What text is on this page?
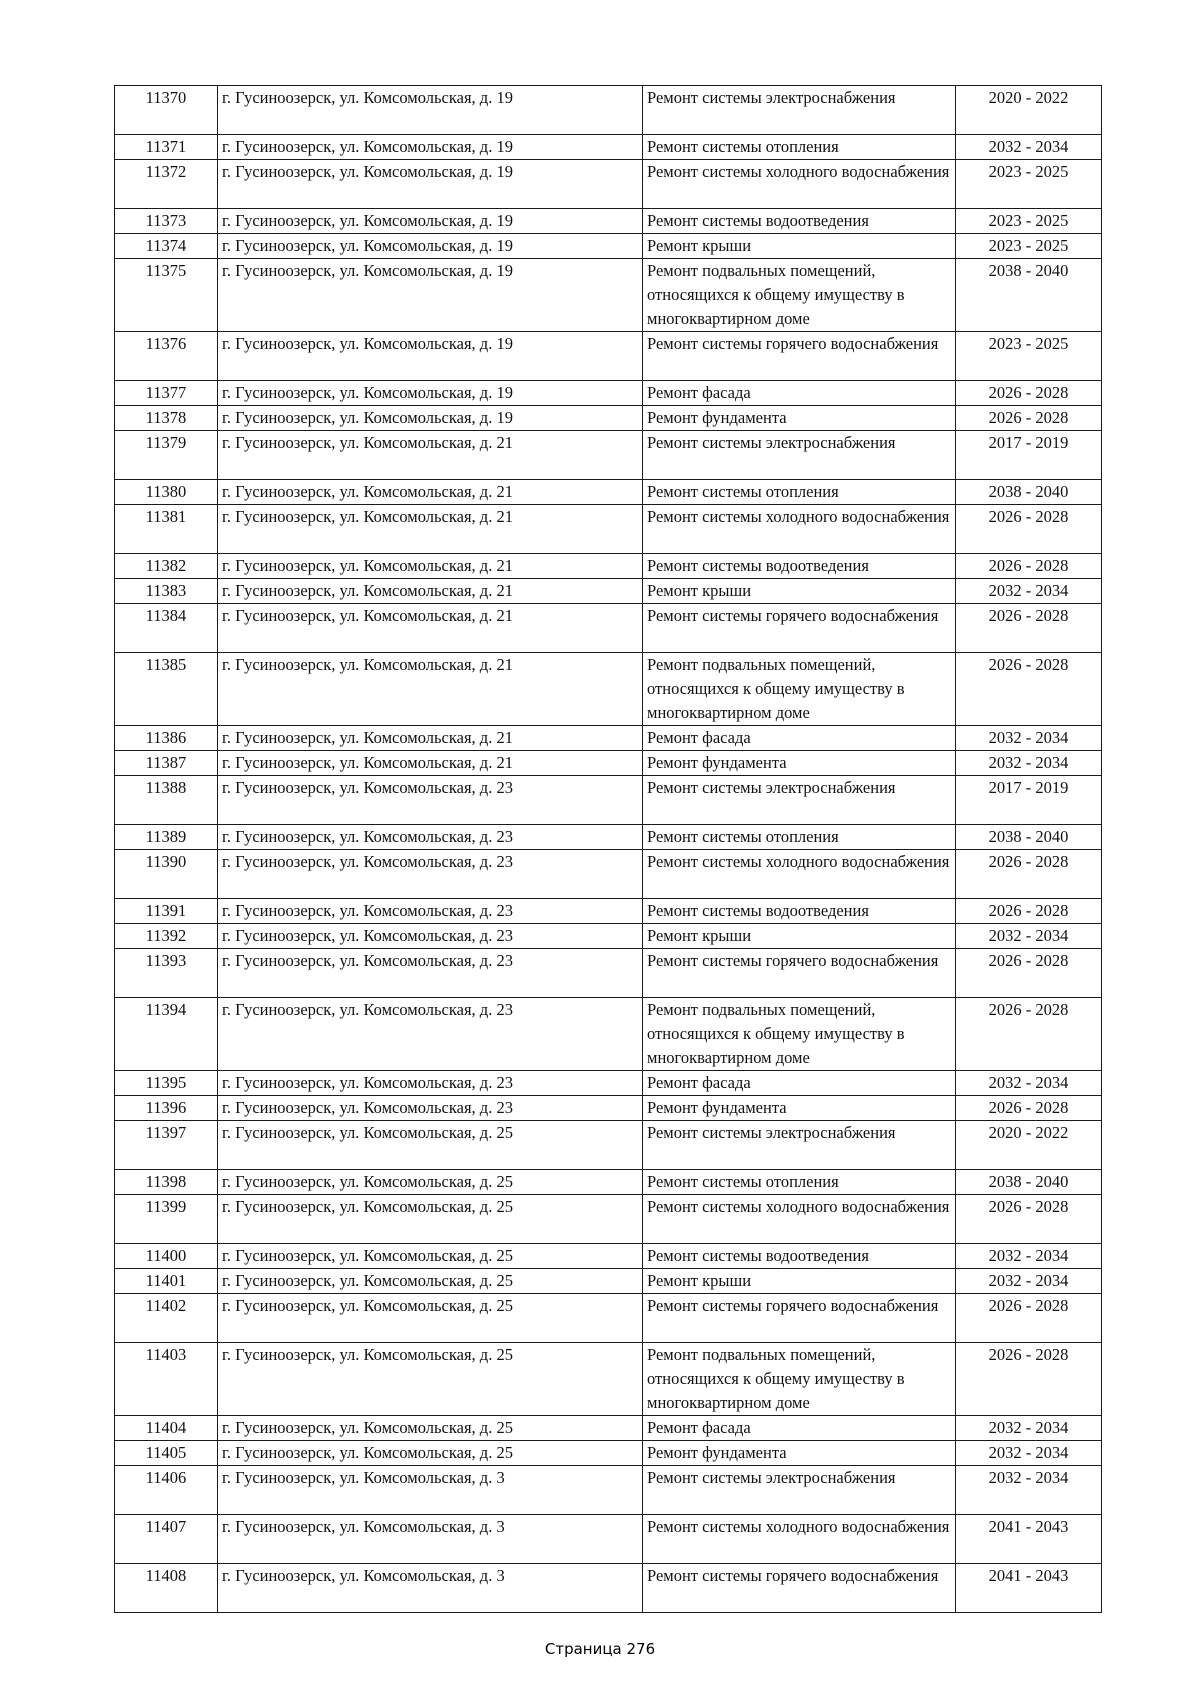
11370	г. Гусиноозерск, ул. Комсомольская, д. 19	Ремонт системы электроснабжения	2020 - 2022
11371	г. Гусиноозерск, ул. Комсомольская, д. 19	Ремонт системы отопления	2032 - 2034
11372	г. Гусиноозерск, ул. Комсомольская, д. 19	Ремонт системы холодного водоснабжения	2023 - 2025
11373	г. Гусиноозерск, ул. Комсомольская, д. 19	Ремонт системы водоотведения	2023 - 2025
11374	г. Гусиноозерск, ул. Комсомольская, д. 19	Ремонт крыши	2023 - 2025
11375	г. Гусиноозерск, ул. Комсомольская, д. 19	Ремонт подвальных помещений, относящихся к общему имуществу в многоквартирном доме	2038 - 2040
11376	г. Гусиноозерск, ул. Комсомольская, д. 19	Ремонт системы горячего водоснабжения	2023 - 2025
11377	г. Гусиноозерск, ул. Комсомольская, д. 19	Ремонт фасада	2026 - 2028
11378	г. Гусиноозерск, ул. Комсомольская, д. 19	Ремонт фундамента	2026 - 2028
11379	г. Гусиноозерск, ул. Комсомольская, д. 21	Ремонт системы электроснабжения	2017 - 2019
11380	г. Гусиноозерск, ул. Комсомольская, д. 21	Ремонт системы отопления	2038 - 2040
11381	г. Гусиноозерск, ул. Комсомольская, д. 21	Ремонт системы холодного водоснабжения	2026 - 2028
11382	г. Гусиноозерск, ул. Комсомольская, д. 21	Ремонт системы водоотведения	2026 - 2028
11383	г. Гусиноозерск, ул. Комсомольская, д. 21	Ремонт крыши	2032 - 2034
11384	г. Гусиноозерск, ул. Комсомольская, д. 21	Ремонт системы горячего водоснабжения	2026 - 2028
11385	г. Гусиноозерск, ул. Комсомольская, д. 21	Ремонт подвальных помещений, относящихся к общему имуществу в многоквартирном доме	2026 - 2028
11386	г. Гусиноозерск, ул. Комсомольская, д. 21	Ремонт фасада	2032 - 2034
11387	г. Гусиноозерск, ул. Комсомольская, д. 21	Ремонт фундамента	2032 - 2034
11388	г. Гусиноозерск, ул. Комсомольская, д. 23	Ремонт системы электроснабжения	2017 - 2019
11389	г. Гусиноозерск, ул. Комсомольская, д. 23	Ремонт системы отопления	2038 - 2040
11390	г. Гусиноозерск, ул. Комсомольская, д. 23	Ремонт системы холодного водоснабжения	2026 - 2028
11391	г. Гусиноозерск, ул. Комсомольская, д. 23	Ремонт системы водоотведения	2026 - 2028
11392	г. Гусиноозерск, ул. Комсомольская, д. 23	Ремонт крыши	2032 - 2034
11393	г. Гусиноозерск, ул. Комсомольская, д. 23	Ремонт системы горячего водоснабжения	2026 - 2028
11394	г. Гусиноозерск, ул. Комсомольская, д. 23	Ремонт подвальных помещений, относящихся к общему имуществу в многоквартирном доме	2026 - 2028
11395	г. Гусиноозерск, ул. Комсомольская, д. 23	Ремонт фасада	2032 - 2034
11396	г. Гусиноозерск, ул. Комсомольская, д. 23	Ремонт фундамента	2026 - 2028
11397	г. Гусиноозерск, ул. Комсомольская, д. 25	Ремонт системы электроснабжения	2020 - 2022
11398	г. Гусиноозерск, ул. Комсомольская, д. 25	Ремонт системы отопления	2038 - 2040
11399	г. Гусиноозерск, ул. Комсомольская, д. 25	Ремонт системы холодного водоснабжения	2026 - 2028
11400	г. Гусиноозерск, ул. Комсомольская, д. 25	Ремонт системы водоотведения	2032 - 2034
11401	г. Гусиноозерск, ул. Комсомольская, д. 25	Ремонт крыши	2032 - 2034
11402	г. Гусиноозерск, ул. Комсомольская, д. 25	Ремонт системы горячего водоснабжения	2026 - 2028
11403	г. Гусиноозерск, ул. Комсомольская, д. 25	Ремонт подвальных помещений, относящихся к общему имуществу в многоквартирном доме	2026 - 2028
11404	г. Гусиноозерск, ул. Комсомольская, д. 25	Ремонт фасада	2032 - 2034
11405	г. Гусиноозерск, ул. Комсомольская, д. 25	Ремонт фундамента	2032 - 2034
11406	г. Гусиноозерск, ул. Комсомольская, д. 3	Ремонт системы электроснабжения	2032 - 2034
11407	г. Гусиноозерск, ул. Комсомольская, д. 3	Ремонт системы холодного водоснабжения	2041 - 2043
11408	г. Гусиноозерск, ул. Комсомольская, д. 3	Ремонт системы горячего водоснабжения	2041 - 2043
Страница 276
